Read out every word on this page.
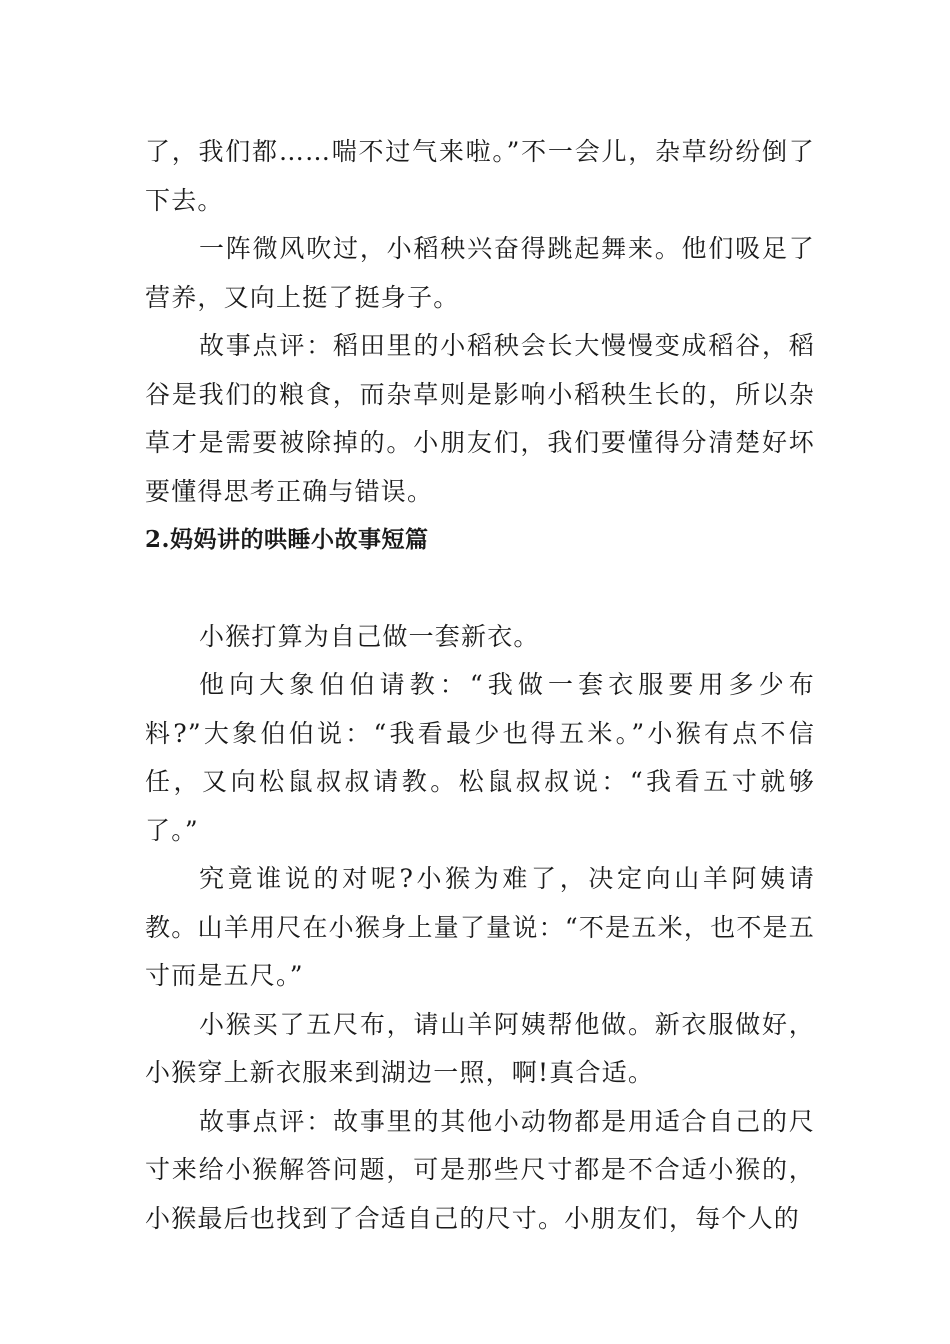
了，我们都……喘不过气来啦。”不一会儿，杂草纷纷倒了下去。

一阵微风吹过，小稻秧兴奋得跳起舞来。他们吸足了营养，又向上挺了挺身子。

故事点评：稻田里的小稻秧会长大慢慢变成稻谷，稻谷是我们的粮食，而杂草则是影响小稻秧生长的，所以杂草才是需要被除掉的。小朋友们，我们要懂得分清楚好坏要懂得思考正确与错误。

2.妈妈讲的哄睡小故事短篇

小猴打算为自己做一套新衣。

他向大象伯伯请教：“我做一套衣服要用多少布料?”大象伯伯说：“我看最少也得五米。”小猴有点不信任，又向松鼠叔叔请教。松鼠叔叔说：“我看五寸就够了。”

究竟谁说的对呢?小猴为难了，决定向山羊阿姨请教。山羊用尺在小猴身上量了量说：“不是五米，也不是五寸而是五尺。”

小猴买了五尺布，请山羊阿姨帮他做。新衣服做好，小猴穿上新衣服来到湖边一照，啊!真合适。

故事点评：故事里的其他小动物都是用适合自己的尺寸来给小猴解答问题，可是那些尺寸都是不合适小猴的，小猴最后也找到了合适自己的尺寸。小朋友们，每个人的
